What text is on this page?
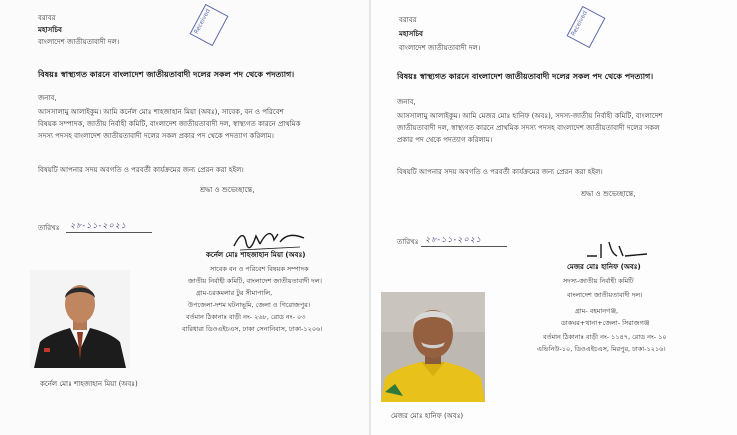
বরাবর
মহাসচিব
বাংলাদেশ জাতীয়তাবাদী দল।
Received
বিষয়ঃ স্বাস্থ্যগত কারনে বাংলাদেশ জাতীয়তাবাদী দলের সকল পদ থেকে পদত্যাগ।
জনাব,
আসসালামু আলাইকুম। আমি কর্নেল মোঃ শাহজাহান মিয়া (অবঃ), সাবেক, বন ও পরিবেশ
বিষয়ক সম্পাদক, জাতীয় নির্বাহী কমিটি, বাংলাদেশ জাতীয়তাবাদী দল, স্বাস্থ্যগত কারনে প্রাথমিক
সদস্য পদসহ বাংলাদেশ জাতীয়তাবাদী দলের সকল প্রকার পদ থেকে পদত্যাগ করিলাম।
বিষয়টি আপনার সদয় অবগতি ও পরবর্তী কার্যক্রমের জন্য প্রেরন করা হইল।
শ্রদ্ধা ও শুভেচ্ছান্তে,
তারিখঃ ২৮-১১-২০২১
কর্নেল মোঃ শাহজাহান মিয়া (অবঃ)
সাবেক বন ও পরিবেশ বিষয়ক সম্পাদক
জাতীয় নির্বাহী কমিটি, বাংলাদেশ জাতীয়তাবাদী দল।
গ্রাম-চরকমলার টুর সীমাপালি,
উপজেলা-দশম ঘটনাভূমি, জেলা ও গিরোজপুর।
বর্তমান ঠিকানাঃ বাড়ী নং- ২৬৮, রোড নং- ০৩
বারিধারা ডিওএইচএস, ঢাকা সেনানিবাস, ঢাকা-১২০৬।
কর্নেল মোঃ শাহজাহান মিয়া (অবঃ)
বরাবর
মহাসচিব
বাংলাদেশ জাতীয়তাবাদী দল।
Received
বিষয়ঃ স্বাস্থ্যগত কারনে বাংলাদেশ জাতীয়তাবাদী দলের সকল পদ থেকে পদত্যাগ।
জনাব,
আসসালামু আলাইকুম। আমি মেজর মোঃ হানিফ (অবঃ), সদস্য-জাতীয় নির্বাহী কমিটি, বাংলাদেশ
জাতীয়তাবাদী দল, স্বাস্থ্যগত কারনে প্রাথমিক সদস্য পদসহ বাংলাদেশ জাতীয়তাবাদী দলের সকল
প্রকার পদ থেকে পদত্যাগ করিলাম।
বিষয়টি আপনার সদয় অবগতি ও পরবর্তী কার্যক্রমের জন্য প্রেরন করা হইল।
শ্রদ্ধা ও শুভেচ্ছান্তে,
তারিখঃ ২৮-১১-২০২১
মেজর মোঃ হানিফ (অবঃ)
সদস্য-জাতীয় নির্বাহী কমিটি
বাংলাদেশ জাতীয়তাবাদী দল।
গ্রাম- বহমানগঞ্জ,
ডাকঘর+থানা+জেলা- সিরাজগঞ্জ
বর্তমান ঠিকানাঃ বাড়ী নং- ১১৪৭, রোড নং- ১০
এভিনিউ-১০, ডিওএইচএস, মিরপুর, ঢাকা-১২১৬।
মেজর মোঃ হানিফ (অবঃ)
